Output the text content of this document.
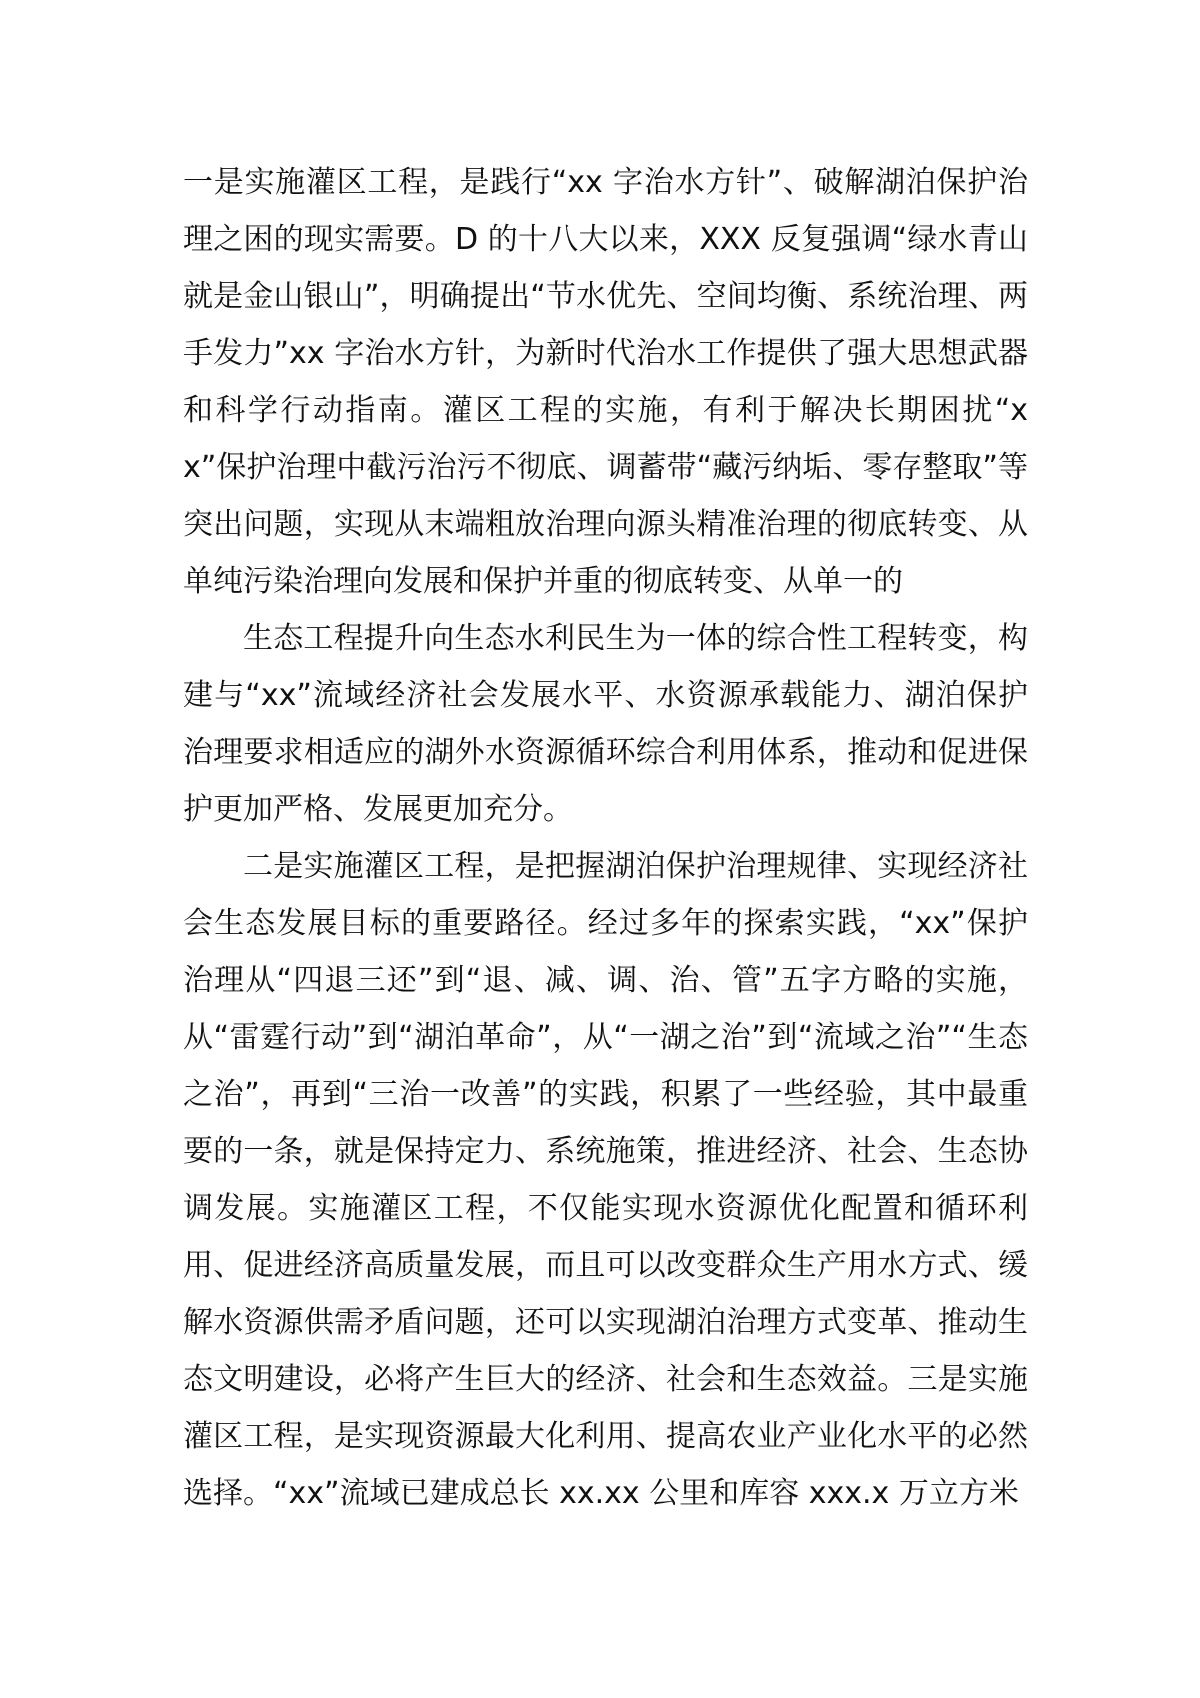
一是实施灌区工程，是践行“xx 字治水方针”、破解湖泊保护治理之困的现实需要。D 的十八大以来，XXX 反复强调“绿水青山就是金山银山”，明确提出“节水优先、空间均衡、系统治理、两手发力”xx 字治水方针，为新时代治水工作提供了强大思想武器和科学行动指南。灌区工程的实施，有利于解决长期困扰“xx”保护治理中截污治污不彻底、调蓄带“藏污纳垢、零存整取”等突出问题，实现从末端粗放治理向源头精准治理的彻底转变、从单纯污染治理向发展和保护并重的彻底转变、从单一的

生态工程提升向生态水利民生为一体的综合性工程转变，构建与“xx”流域经济社会发展水平、水资源承载能力、湖泊保护治理要求相适应的湖外水资源循环综合利用体系，推动和促进保护更加严格、发展更加充分。

二是实施灌区工程，是把握湖泊保护治理规律、实现经济社会生态发展目标的重要路径。经过多年的探索实践，“xx”保护治理从“四退三还”到“退、减、调、治、管”五字方略的实施，从“雷霆行动”到“湖泊革命”，从“一湖之治”到“流域之治”“生态之治”，再到“三治一改善”的实践，积累了一些经验，其中最重要的一条，就是保持定力、系统施策，推进经济、社会、生态协调发展。实施灌区工程，不仅能实现水资源优化配置和循环利用、促进经济高质量发展，而且可以改变群众生产用水方式、缓解水资源供需矛盾问题，还可以实现湖泊治理方式变革、推动生态文明建设，必将产生巨大的经济、社会和生态效益。三是实施灌区工程，是实现资源最大化利用、提高农业产业化水平的必然选择。“xx”流域已建成总长 xx.xx 公里和库容 xxx.x 万立方米
